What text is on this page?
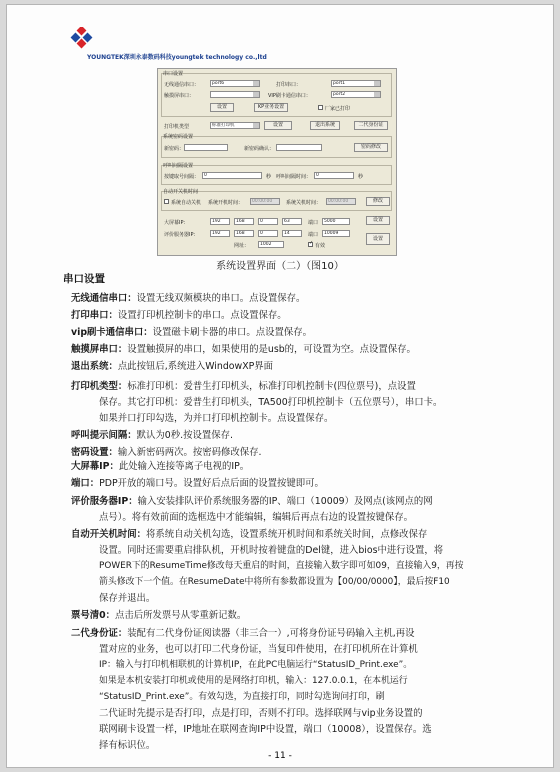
YOUNGTEK深圳永泰数码科技youngtek technology co.,ltd
串口设置
无线通信串口：	port6	打印串口：	port1
触摸屏串口：	VIP刷卡通信串口：	port2
设置	KP业务设置	厂家已打印
打印机类型	标准打印机	设置	退出系统	二代身份证
系统密码设置
新密码：	新密码确认：	密码修改
呼叫间隔设置
按键取号间隔：	0	秒 呼叫间隔时间：	0	秒
自动开关机时间
系统自动关机 系统开机时间：	00:00:00	系统关机时间：	00:00:00	修改
大屏幕IP：	192	168	0	63	端口	5000	设置
评价服务器IP：	192	168	0	14	端口	10009
网址：	1002
✓	有效
设置
系统设置界面（二）（图10）
串口设置
无线通信串口：设置无线双频模块的串口。点设置保存。
打印串口：设置打印机控制卡的串口。点设置保存。
vip刷卡通信串口：设置磁卡刷卡器的串口。点设置保存。
触摸屏串口：设置触摸屏的串口，如果使用的是usb的，可设置为空。点设置保存。
退出系统：点此按钮后,系统进入WindowXP界面
打印机类型：标准打印机：爱普生打印机头，标准打印机控制卡(四位票号)，点设置
保存。其它打印机：爱普生打印机头，TA500打印机控制卡（五位票号），串口卡。
如果并口打印勾选，为并口打印机控制卡。点设置保存。
呼叫提示间隔：默认为0秒.按设置保存.
密码设置：输入新密码两次。按密码修改保存.
大屏幕IP：此处输入连接等离子电视的IP。
端口：PDP开放的端口号。设置好后点后面的设置按键即可。
评价服务器IP：输入安装排队评价系统服务器的IP、端口（10009）及网点(该网点的网
点号）。将有效前面的选框选中才能编辑，编辑后再点右边的设置按键保存。
自动开关机时间：将系统自动关机勾选，设置系统开机时间和系统关时间，点修改保存
设置。同时还需要重启排队机，开机时按着键盘的Del键，进入bios中进行设置，将
POWER下的ResumeTime修改每天重启的时间，直接输入数字即可如09，直接输入9，再按
箭头修改下一个值。在ResumeDate中将所有参数都设置为【00/00/0000】，最后按F10
保存并退出。
票号清0：点击后所发票号从零重新记数。
二代身份证：装配有二代身份证阅读器（非三合一）,可将身份证号码输入主机,再设
置对应的业务，也可以打印二代身份证，当复印件使用，在打印机所在计算机
IP：输入与打印机相联机的计算机IP，在此PC电脑运行“StatusID_Print.exe”。
如果是本机安装打印机或使用的是网络打印机，输入：127.0.0.1，在本机运行
“StatusID_Print.exe”。有效勾选，为直接打印，同时勾选询问打印，刷
二代证时先提示是否打印，点是打印，否则不打印。选择联网与vip业务设置的
联网刷卡设置一样，IP地址在联网查询IP中设置，端口（10008），设置保存。选
择有标识位。
- 11 -
